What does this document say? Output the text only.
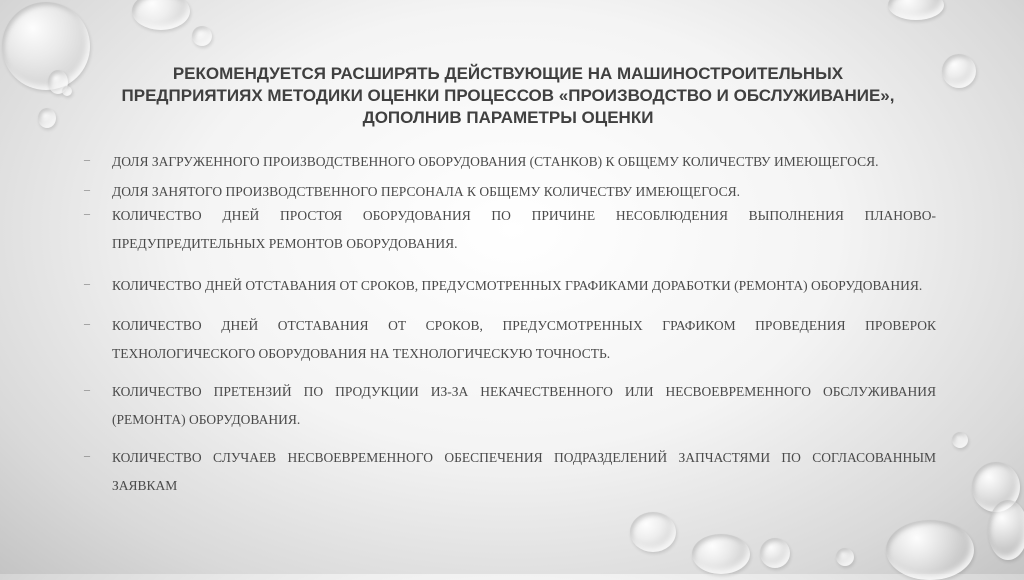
РЕКОМЕНДУЕТСЯ РАСШИРЯТЬ ДЕЙСТВУЮЩИЕ НА МАШИНОСТРОИТЕЛЬНЫХ ПРЕДПРИЯТИЯХ МЕТОДИКИ ОЦЕНКИ ПРОЦЕССОВ «ПРОИЗВОДСТВО И ОБСЛУЖИВАНИЕ», ДОПОЛНИВ ПАРАМЕТРЫ ОЦЕНКИ
–	ДОЛЯ ЗАГРУЖЕННОГО ПРОИЗВОДСТВЕННОГО ОБОРУДОВАНИЯ (СТАНКОВ) К ОБЩЕМУ КОЛИЧЕСТВУ ИМЕЮЩЕГОСЯ.
–	ДОЛЯ ЗАНЯТОГО ПРОИЗВОДСТВЕННОГО ПЕРСОНАЛА К ОБЩЕМУ КОЛИЧЕСТВУ ИМЕЮЩЕГОСЯ.
–	КОЛИЧЕСТВО ДНЕЙ ПРОСТОЯ ОБОРУДОВАНИЯ ПО ПРИЧИНЕ НЕСОБЛЮДЕНИЯ ВЫПОЛНЕНИЯ ПЛАНОВО-ПРЕДУПРЕДИТЕЛЬНЫХ РЕМОНТОВ ОБОРУДОВАНИЯ.
–	КОЛИЧЕСТВО ДНЕЙ ОТСТАВАНИЯ ОТ СРОКОВ, ПРЕДУСМОТРЕННЫХ ГРАФИКАМИ ДОРАБОТКИ (РЕМОНТА) ОБОРУДОВАНИЯ.
–	КОЛИЧЕСТВО ДНЕЙ ОТСТАВАНИЯ ОТ СРОКОВ, ПРЕДУСМОТРЕННЫХ ГРАФИКОМ ПРОВЕДЕНИЯ ПРОВЕРОК ТЕХНОЛОГИЧЕСКОГО ОБОРУДОВАНИЯ НА ТЕХНОЛОГИЧЕСКУЮ ТОЧНОСТЬ.
–	КОЛИЧЕСТВО ПРЕТЕНЗИЙ ПО ПРОДУКЦИИ ИЗ-ЗА НЕКАЧЕСТВЕННОГО ИЛИ НЕСВОЕВРЕМЕННОГО ОБСЛУЖИВАНИЯ (РЕМОНТА) ОБОРУДОВАНИЯ.
–	КОЛИЧЕСТВО СЛУЧАЕВ НЕСВОЕВРЕМЕННОГО ОБЕСПЕЧЕНИЯ ПОДРАЗДЕЛЕНИЙ ЗАПЧАСТЯМИ ПО СОГЛАСОВАННЫМ ЗАЯВКАМ
